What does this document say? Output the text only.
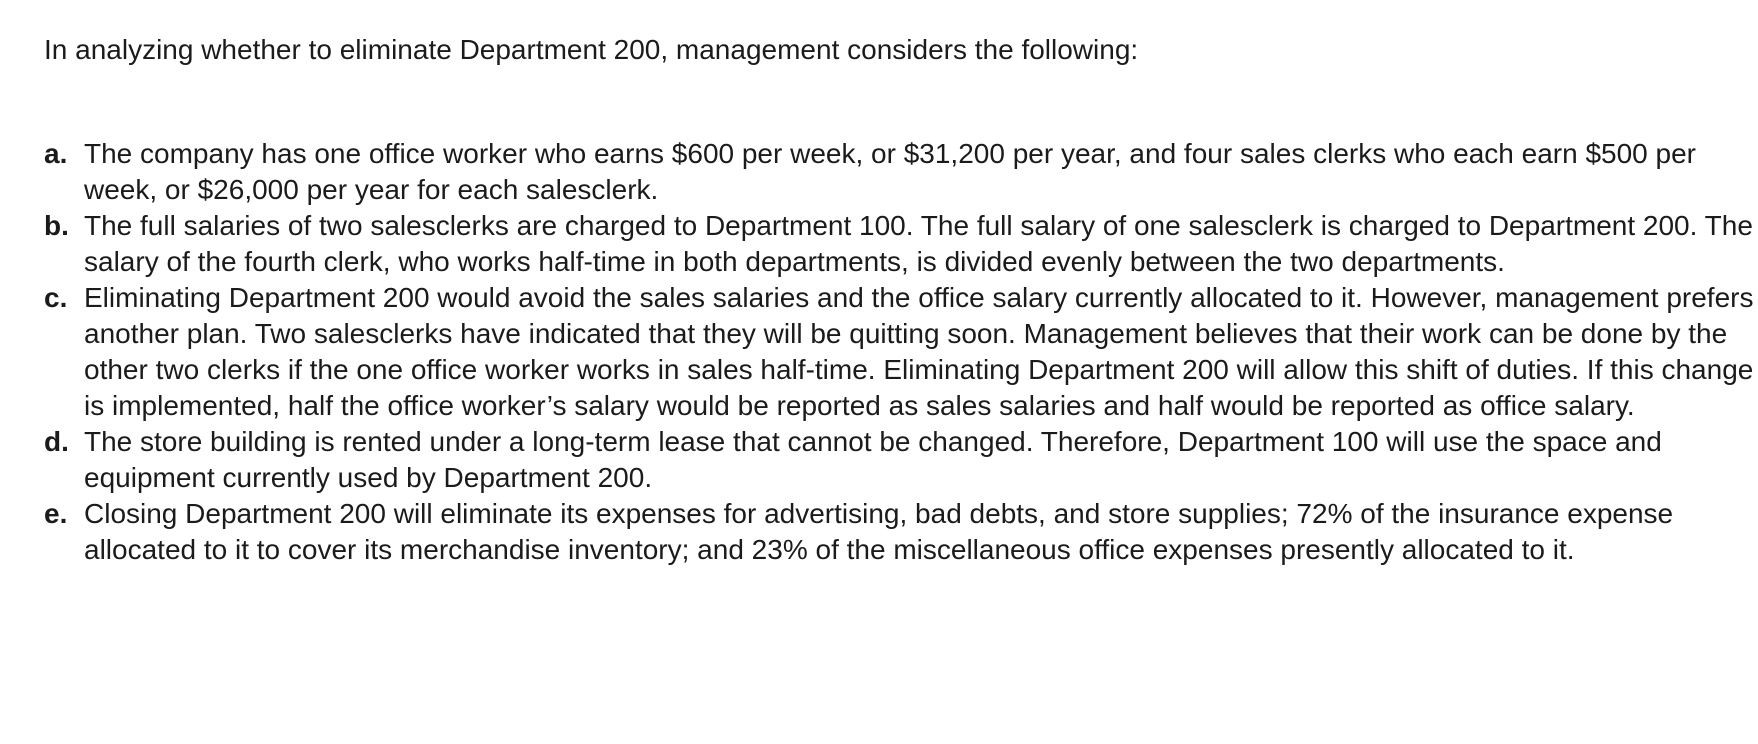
In analyzing whether to eliminate Department 200, management considers the following:

a. The company has one office worker who earns $600 per week, or $31,200 per year, and four sales clerks who each earn $500 per week, or $26,000 per year for each salesclerk.
b. The full salaries of two salesclerks are charged to Department 100. The full salary of one salesclerk is charged to Department 200. The salary of the fourth clerk, who works half-time in both departments, is divided evenly between the two departments.
c. Eliminating Department 200 would avoid the sales salaries and the office salary currently allocated to it. However, management prefers another plan. Two salesclerks have indicated that they will be quitting soon. Management believes that their work can be done by the other two clerks if the one office worker works in sales half-time. Eliminating Department 200 will allow this shift of duties. If this change is implemented, half the office worker’s salary would be reported as sales salaries and half would be reported as office salary.
d. The store building is rented under a long-term lease that cannot be changed. Therefore, Department 100 will use the space and equipment currently used by Department 200.
e. Closing Department 200 will eliminate its expenses for advertising, bad debts, and store supplies; 72% of the insurance expense allocated to it to cover its merchandise inventory; and 23% of the miscellaneous office expenses presently allocated to it.
